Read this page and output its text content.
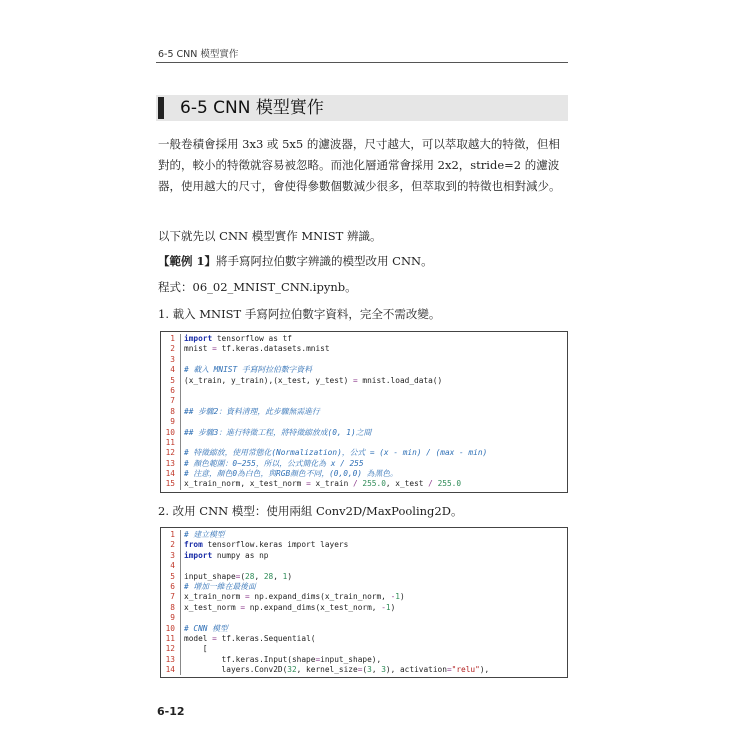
6-5 CNN 模型實作
6-5 CNN 模型實作
一般卷積會採用 3x3 或 5x5 的濾波器，尺寸越大，可以萃取越大的特徵，但相對的，較小的特徵就容易被忽略。而池化層通常會採用 2x2，stride=2 的濾波器，使用越大的尺寸，會使得參數個數減少很多，但萃取到的特徵也相對減少。
以下就先以 CNN 模型實作 MNIST 辨識。
【範例 1】將手寫阿拉伯數字辨識的模型改用 CNN。
程式：06_02_MNIST_CNN.ipynb。
1. 載入 MNIST 手寫阿拉伯數字資料，完全不需改變。
1	import tensorflow as tf
2	mnist = tf.keras.datasets.mnist
3
4	# 載入 MNIST 手寫阿拉伯數字資料
5	(x_train, y_train),(x_test, y_test) = mnist.load_data()
6
7
8	## 步驟2：資料清理，此步驟無需進行
9
10	## 步驟3：進行特徵工程，將特徵縮放成(0, 1)之間
11
12	# 特徵縮放，使用常態化(Normalization)，公式 = (x - min) / (max - min)
13	# 顏色範圍：0~255，所以，公式簡化為 x / 255
14	# 注意，顏色0為白色，與RGB顏色不同，(0,0,0) 為黑色。
15	x_train_norm, x_test_norm = x_train / 255.0, x_test / 255.0
2. 改用 CNN 模型：使用兩組 Conv2D/MaxPooling2D。
1	# 建立模型
2	from tensorflow.keras import layers
3	import numpy as np
4
5	input_shape=(28, 28, 1)
6	# 增加一維在最後面
7	x_train_norm = np.expand_dims(x_train_norm, -1)
8	x_test_norm = np.expand_dims(x_test_norm, -1)
9
10	# CNN 模型
11	model = tf.keras.Sequential(
12	[
13	tf.keras.Input(shape=input_shape),
14	layers.Conv2D(32, kernel_size=(3, 3), activation="relu"),
6-12
